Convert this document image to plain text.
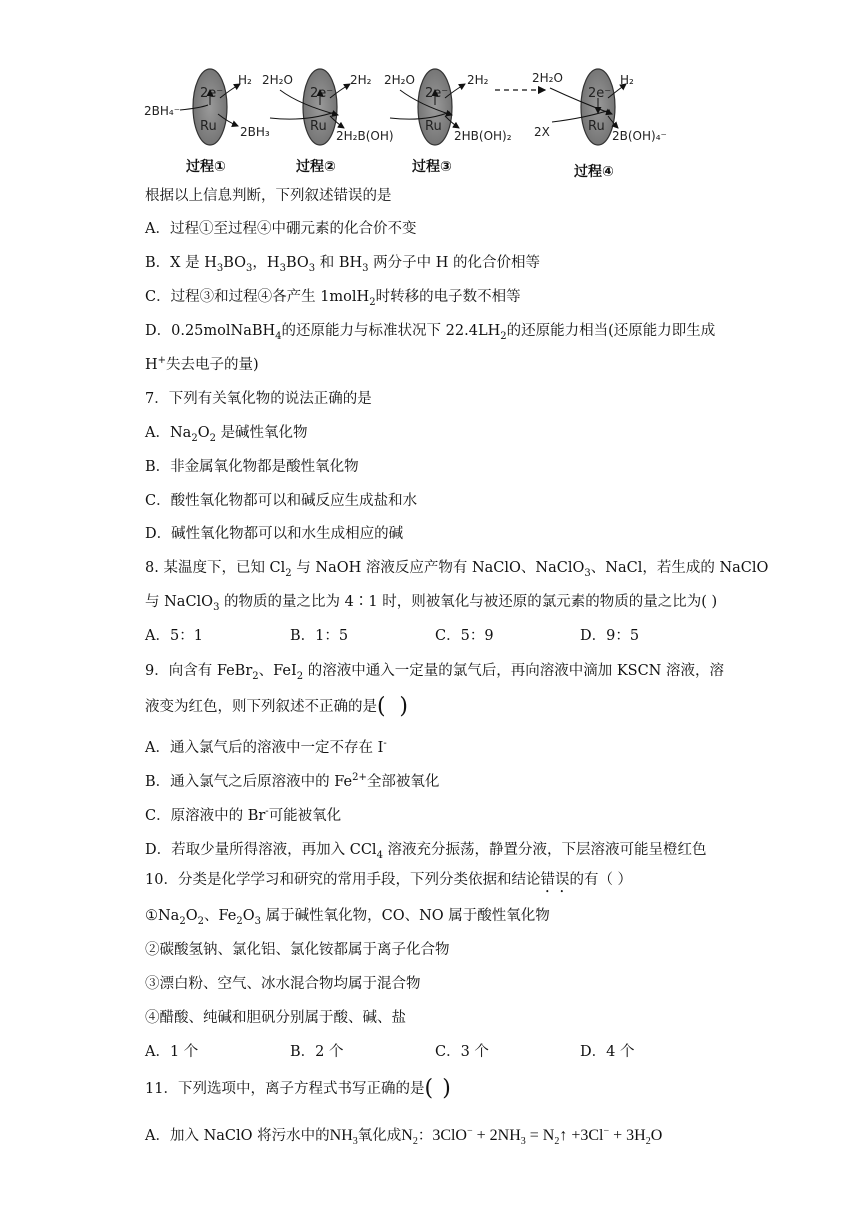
2e⁻
Ru
2BH₄⁻
H₂
2BH₃
过程①
2e⁻
Ru
2H₂O	2H₂
2H₂B(OH)
过程②
2e⁻
Ru
2H₂O	2H₂
2HB(OH)₂
过程③
2e⁻
Ru
2H₂O
2X
H₂
2B(OH)₄⁻
过程④
根据以上信息判断，下列叙述错误的是
A．过程①至过程④中硼元素的化合价不变
B．X 是 $H_3BO_3$，$H_3BO_3$ 和 $BH_3$ 两分子中 H 的化合价相等
C．过程③和过程④各产生 1molH$_2$时转移的电子数不相等
D．0.25molNaBH$_4$的还原能力与标准状况下 $22.4LH_2$的还原能力相当(还原能力即生成
H+失去电子的量)
7．下列有关氧化物的说法正确的是
A．$Na_2O_2$ 是碱性氧化物
B．非金属氧化物都是酸性氧化物
C．酸性氧化物都可以和碱反应生成盐和水
D．碱性氧化物都可以和水生成相应的碱
8. 某温度下，已知 $Cl_2$ 与 NaOH 溶液反应产物有 NaClO、NaClO$_3$、NaCl，若生成的 NaClO
与 NaClO$_3$ 的物质的量之比为 4∶1 时，则被氧化与被还原的氯元素的物质的量之比为( )
A．5：1	B．1：5	C．5：9	D．9：5
9．向含有 FeBr$_2$、FeI$_2$ 的溶液中通入一定量的氯气后，再向溶液中滴加 KSCN 溶液，溶
液变为红色，则下列叙述不正确的是( )
A．通入氯气后的溶液中一定不存在 I-
B．通入氯气之后原溶液中的 $Fe^{2+}$全部被氧化
C．原溶液中的 Br-可能被氧化
D．若取少量所得溶液，再加入 CCl$_4$ 溶液充分振荡，静置分液，下层溶液可能呈橙红色
10．分类是化学学习和研究的常用手段，下列分类依据和结论错误的有（ ）
$①Na_2O_2$、$Fe_2O_3$ 属于碱性氧化物，CO、NO 属于酸性氧化物
②碳酸氢钠、氯化铝、氯化铵都属于离子化合物
③漂白粉、空气、冰水混合物均属于混合物
④醋酸、纯碱和胆矾分别属于酸、碱、盐
A．1 个	B．2 个	C．3 个	D．4 个
11．下列选项中，离子方程式书写正确的是( )
A．加入 NaClO 将污水中的$NH_3$氧化成$N_2$：$3ClO^- + 2NH_3$ = $N_2↑ +3Cl^- + 3H_2O$
